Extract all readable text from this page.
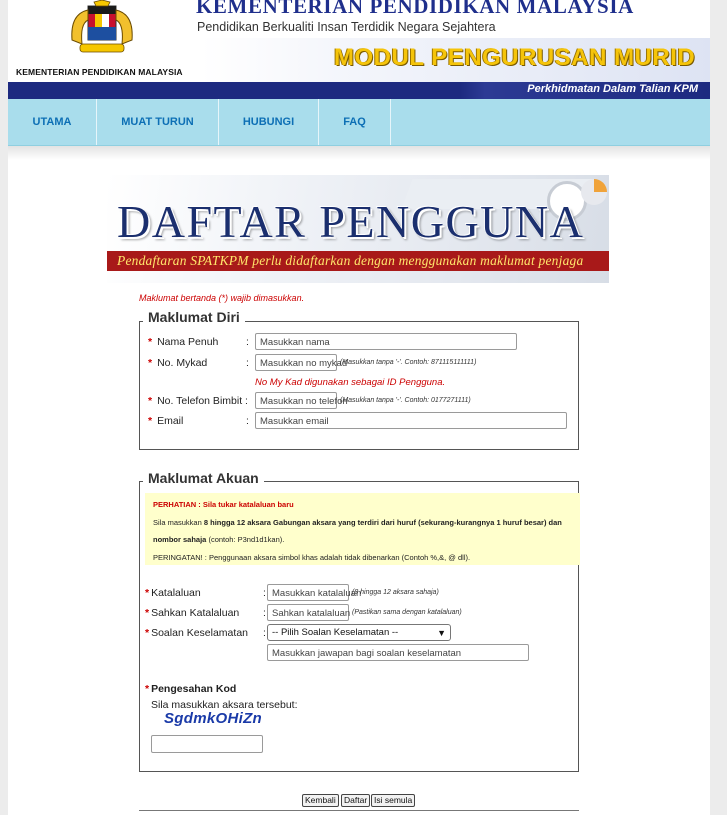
KEMENTERIAN PENDIDIKAN MALAYSIA
KEMENTERIAN PENDIDIKAN MALAYSIA
Pendidikan Berkualiti Insan Terdidik Negara Sejahtera
MODUL PENGURUSAN MURID
Perkhidmatan Dalam Talian KPM
UTAMA	MUAT TURUN	HUBUNGI	FAQ
DAFTAR PENGGUNA
Pendaftaran SPATKPM perlu didaftarkan dengan menggunakan maklumat penjaga
Maklumat bertanda (*) wajib dimasukkan.
Maklumat Diri
* Nama Penuh	:	Masukkan nama
* No. Mykad	:	Masukkan no mykad
(Masukkan tanpa '-'. Contoh: 871115111111)
No My Kad digunakan sebagai ID Pengguna.
* No. Telefon Bimbit :	Masukkan no telefon
(Masukkan tanpa '-'. Contoh: 0177271111)
* Email	:	Masukkan email
Maklumat Akuan
PERHATIAN : Sila tukar katalaluan baru
Sila masukkan 8 hingga 12 aksara Gabungan aksara yang terdiri dari huruf (sekurang-kurangnya 1 huruf besar) dan
nombor sahaja (contoh: P3nd1d1kan).
PERINGATAN! : Penggunaan aksara simbol khas adalah tidak dibenarkan (Contoh %,&, @ dll).
* Katalaluan	: Masukkan katalaluan
(8 hingga 12 aksara sahaja)
* Sahkan Katalaluan : Sahkan katalaluan (Pastikan sama dengan katalaluan)
* Soalan Keselamatan : -- Pilih Soalan Keselamatan --	▼
Masukkan jawapan bagi soalan keselamatan
* Pengesahan Kod
Sila masukkan aksara tersebut:
SgdmkOHiZn
Kembali Daftar Isi semula
